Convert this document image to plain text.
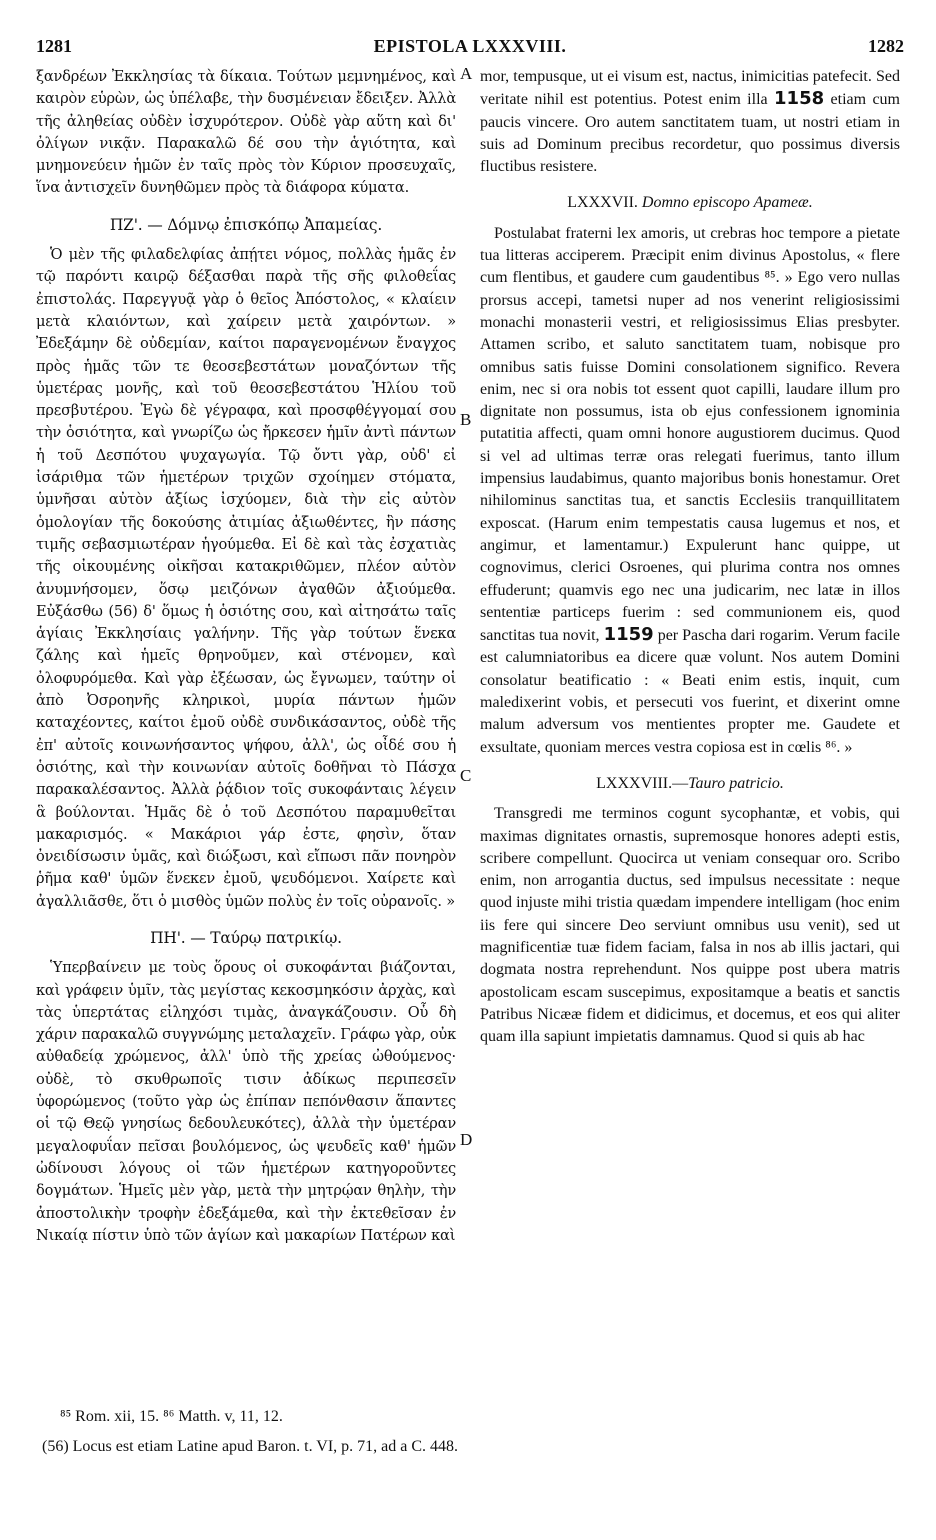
1281	EPISTOLA LXXXVIII.	1282
A
B
C
D

ξανδρέων Ἐκκλησίας τὰ δίκαια. Τούτων μεμνημένος, καὶ καιρὸν εὑρὼν, ὡς ὑπέλαβε, τὴν δυσμένειαν ἔδειξεν. Ἀλλὰ τῆς ἀληθείας οὐδὲν ἰσχυρότερον. Οὐδὲ γὰρ αὕτη καὶ δι' ὀλίγων νικᾷν. Παρακαλῶ δέ σου τὴν ἁγιότητα, καὶ μνημονεύειν ἡμῶν ἐν ταῖς πρὸς τὸν Κύριον προσευχαῖς, ἵνα ἀντισχεῖν δυνηθῶμεν πρὸς τὰ διάφορα κύματα.

ΠΖ'. — Δόμνῳ ἐπισκόπῳ Ἀπαμείας.

Ὁ μὲν τῆς φιλαδελφίας ἀπῄτει νόμος, πολλὰς ἡμᾶς ἐν τῷ παρόντι καιρῷ δέξασθαι παρὰ τῆς σῆς φιλοθεΐας ἐπιστολάς. Παρεγγυᾷ γὰρ ὁ θεῖος Ἀπόστολος, « κλαίειν μετὰ κλαιόντων, καὶ χαίρειν μετὰ χαιρόντων. » Ἐδεξάμην δὲ οὐδεμίαν, καίτοι παραγενομένων ἔναγχος πρὸς ἡμᾶς τῶν τε θεοσεβεστάτων μοναζόντων τῆς ὑμετέρας μονῆς, καὶ τοῦ θεοσεβεστάτου Ἡλίου τοῦ πρεσβυτέρου. Ἐγὼ δὲ γέγραφα, καὶ προσφθέγγομαί σου τὴν ὁσιότητα, καὶ γνωρίζω ὡς ἤρκεσεν ἡμῖν ἀντὶ πάντων ἡ τοῦ Δεσπότου ψυχαγωγία. Τῷ ὄντι γὰρ, οὐδ' εἰ ἰσάριθμα τῶν ἡμετέρων τριχῶν σχοίημεν στόματα, ὑμνῆσαι αὐτὸν ἀξίως ἰσχύομεν, διὰ τὴν εἰς αὐτὸν ὁμολογίαν τῆς δοκούσης ἀτιμίας ἀξιωθέντες, ἣν πάσης τιμῆς σεβασμιωτέραν ἡγούμεθα. Εἰ δὲ καὶ τὰς ἐσχατιὰς τῆς οἰκουμένης οἰκῆσαι κατακριθῶμεν, πλέον αὐτὸν ἀνυμνήσομεν, ὅσῳ μειζόνων ἀγαθῶν ἀξιούμεθα. Εὐξάσθω (56) δ' ὅμως ἡ ὁσιότης σου, καὶ αἰτησάτω ταῖς ἁγίαις Ἐκκλησίαις γαλήνην. Τῆς γὰρ τούτων ἕνεκα ζάλης καὶ ἡμεῖς θρηνοῦμεν, καὶ στένομεν, καὶ ὀλοφυρόμεθα. Καὶ γὰρ ἐξέωσαν, ὡς ἔγνωμεν, ταύτην οἱ ἀπὸ Ὀσροηνῆς κληρικοὶ, μυρία πάντων ἡμῶν καταχέοντες, καίτοι ἐμοῦ οὐδὲ συνδικάσαντος, οὐδὲ τῆς ἐπ' αὐτοῖς κοινωνήσαντος ψήφου, ἀλλ', ὡς οἶδέ σου ἡ ὁσιότης, καὶ τὴν κοινωνίαν αὐτοῖς δοθῆναι τὸ Πάσχα παρακαλέσαντος. Ἀλλὰ ῥᾴδιον τοῖς συκοφάνταις λέγειν ἃ βούλονται. Ἡμᾶς δὲ ὁ τοῦ Δεσπότου παραμυθεῖται μακαρισμός. « Μακάριοι γάρ ἐστε, φησὶν, ὅταν ὀνειδίσωσιν ὑμᾶς, καὶ διώξωσι, καὶ εἴπωσι πᾶν πονηρὸν ῥῆμα καθ' ὑμῶν ἕνεκεν ἐμοῦ, ψευδόμενοι. Χαίρετε καὶ ἀγαλλιᾶσθε, ὅτι ὁ μισθὸς ὑμῶν πολὺς ἐν τοῖς οὐρανοῖς. »

ΠΗ'. — Ταύρῳ πατρικίῳ.

Ὑπερβαίνειν με τοὺς ὅρους οἱ συκοφάνται βιάζονται, καὶ γράφειν ὑμῖν, τὰς μεγίστας κεκοσμηκόσιν ἀρχὰς, καὶ τὰς ὑπερτάτας εἰληχόσι τιμὰς, ἀναγκάζουσιν. Οὗ δὴ χάριν παρακαλῶ συγγνώμης μεταλαχεῖν. Γράφω γὰρ, οὐκ αὐθαδείᾳ χρώμενος, ἀλλ' ὑπὸ τῆς χρείας ὠθούμενος· οὐδὲ, τὸ σκυθρωποῖς τισιν ἀδίκως περιπεσεῖν ὑφορώμενος (τοῦτο γὰρ ὡς ἐπίπαν πεπόνθασιν ἅπαντες οἱ τῷ Θεῷ γνησίως δεδουλευκότες), ἀλλὰ τὴν ὑμετέραν μεγαλοφυΐαν πεῖσαι βουλόμενος, ὡς ψευδεῖς καθ' ἡμῶν ὠδίνουσι λόγους οἱ τῶν ἡμετέρων κατηγοροῦντες δογμάτων. Ἡμεῖς μὲν γὰρ, μετὰ τὴν μητρῴαν θηλὴν, τὴν ἀποστολικὴν τροφὴν ἐδεξάμεθα, καὶ τὴν ἐκτεθεῖσαν ἐν Νικαίᾳ πίστιν ὑπὸ τῶν ἁγίων καὶ μακαρίων Πατέρων καὶ

mor, tempusque, ut ei visum est, nactus, inimicitias patefecit. Sed veritate nihil est potentius. Potest enim illa 1158 etiam cum paucis vincere. Oro autem sanctitatem tuam, ut nostri etiam in suis ad Dominum precibus recordetur, quo possimus diversis fluctibus resistere.

LXXXVII. Domno episcopo Apameæ.

Postulabat fraterni lex amoris, ut crebras hoc tempore a pietate tua litteras acciperem. Præcipit enim divinus Apostolus, « flere cum flentibus, et gaudere cum gaudentibus ⁸⁵. » Ego vero nullas prorsus accepi, tametsi nuper ad nos venerint religiosissimi monachi monasterii vestri, et religiosissimus Elias presbyter. Attamen scribo, et saluto sanctitatem tuam, nobisque pro omnibus satis fuisse Domini consolationem significo. Revera enim, nec si ora nobis tot essent quot capilli, laudare illum pro dignitate non possumus, ista ob ejus confessionem ignominia putatitia affecti, quam omni honore augustiorem ducimus. Quod si vel ad ultimas terræ oras relegati fuerimus, tanto illum impensius laudabimus, quanto majoribus bonis honestamur. Oret nihilominus sanctitas tua, et sanctis Ecclesiis tranquillitatem exposcat. (Harum enim tempestatis causa lugemus et nos, et angimur, et lamentamur.) Expulerunt hanc quippe, ut cognovimus, clerici Osroenes, qui plurima contra nos omnes effuderunt; quamvis ego nec una judicarim, nec latæ in illos sententiæ particeps fuerim : sed communionem eis, quod sanctitas tua novit, 1159 per Pascha dari rogarim. Verum facile est calumniatoribus ea dicere quæ volunt. Nos autem Domini consolatur beatificatio : « Beati enim estis, inquit, cum maledixerint vobis, et persecuti vos fuerint, et dixerint omne malum adversum vos mentientes propter me. Gaudete et exsultate, quoniam merces vestra copiosa est in cœlis ⁸⁶. »

LXXXVIII.—Tauro patricio.

Transgredi me terminos cogunt sycophantæ, et vobis, qui maximas dignitates ornastis, supremosque honores adepti estis, scribere compellunt. Quocirca ut veniam consequar oro. Scribo enim, non arrogantia ductus, sed impulsus necessitate : neque quod injuste mihi tristia quædam impendere intelligam (hoc enim iis fere qui sincere Deo serviunt omnibus usu venit), sed ut magnificentiæ tuæ fidem faciam, falsa in nos ab illis jactari, qui dogmata nostra reprehendunt. Nos quippe post ubera matris apostolicam escam suscepimus, expositamque a beatis et sanctis Patribus Nicææ fidem et didicimus, et docemus, et eos qui aliter quam illa sapiunt impietatis damnamus. Quod si quis ab hac

⁸⁵ Rom. xii, 15. ⁸⁶ Matth. v, 11, 12.
(56) Locus est etiam Latine apud Baron. t. VI, p. 71, ad a C. 448.
